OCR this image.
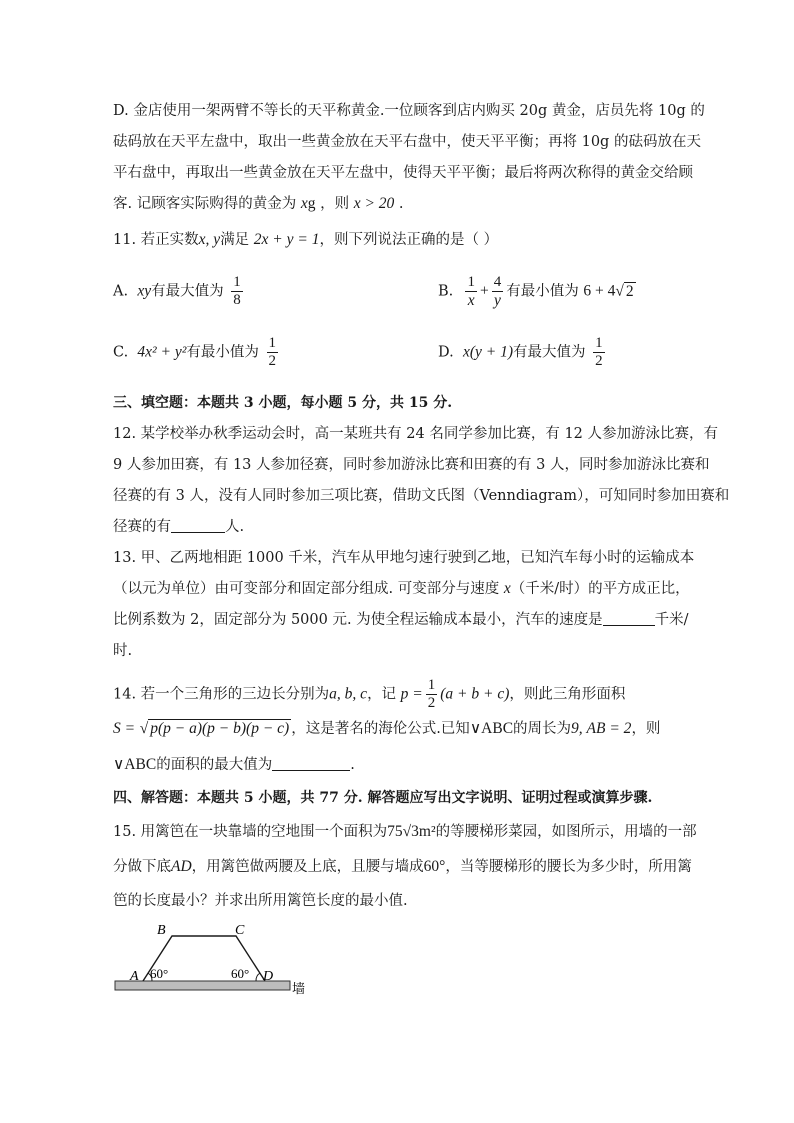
D. 金店使用一架两臂不等长的天平称黄金.一位顾客到店内购买 20g 黄金，店员先将 10g 的
砝码放在天平左盘中，取出一些黄金放在天平右盘中，使天平平衡；再将 10g 的砝码放在天
平右盘中，再取出一些黄金放在天平左盘中，使得天平平衡；最后将两次称得的黄金交给顾
客. 记顾客实际购得的黄金为 xg ，则 x > 20 .
11. 若正实数x, y满足 2x + y = 1，则下列说法正确的是（ ）
A. xy有最大值为 $\frac{1}{8}$	B. $\frac{1}{x} + \frac{4}{y}$ 有最小值为 6 + 4√ 2
C. 4x² + y²有最小值为 $\frac{1}{2}$	D. x(y + 1)有最大值为 $\frac{1}{2}$
三、填空题：本题共 3 小题，每小题 5 分，共 15 分.
12. 某学校举办秋季运动会时，高一某班共有 24 名同学参加比赛，有 12 人参加游泳比赛，有
9 人参加田赛，有 13 人参加径赛，同时参加游泳比赛和田赛的有 3 人，同时参加游泳比赛和
径赛的有 3 人，没有人同时参加三项比赛，借助文氏图（Venndiagram），可知同时参加田赛和
径赛的有	人.
13. 甲、乙两地相距 1000 千米，汽车从甲地匀速行驶到乙地，已知汽车每小时的运输成本
（以元为单位）由可变部分和固定部分组成. 可变部分与速度 x（千米/时）的平方成正比，
比例系数为 2，固定部分为 5000 元. 为使全程运输成本最小，汽车的速度是	千米/
时.
14. 若一个三角形的三边长分别为a, b, c，记 $p = \frac{1}{2} (a + b + c)$，则此三角形面积
S = √ p(p − a)(p − b)(p − c) ，这是著名的海伦公式.已知∨ABC的周长为9, AB = 2，则
∨ABC的面积的最大值为	.
四、解答题：本题共 5 小题，共 77 分. 解答题应写出文字说明、证明过程或演算步骤.
15. 用篱笆在一块靠墙的空地围一个面积为75√3m²的等腰梯形菜园，如图所示，用墙的一部
分做下底AD，用篱笆做两腰及上底，且腰与墙成60°，当等腰梯形的腰长为多少时，所用篱
笆的长度最小？并求出所用篱笆长度的最小值.
B	C
A 60°	60° D
墙
